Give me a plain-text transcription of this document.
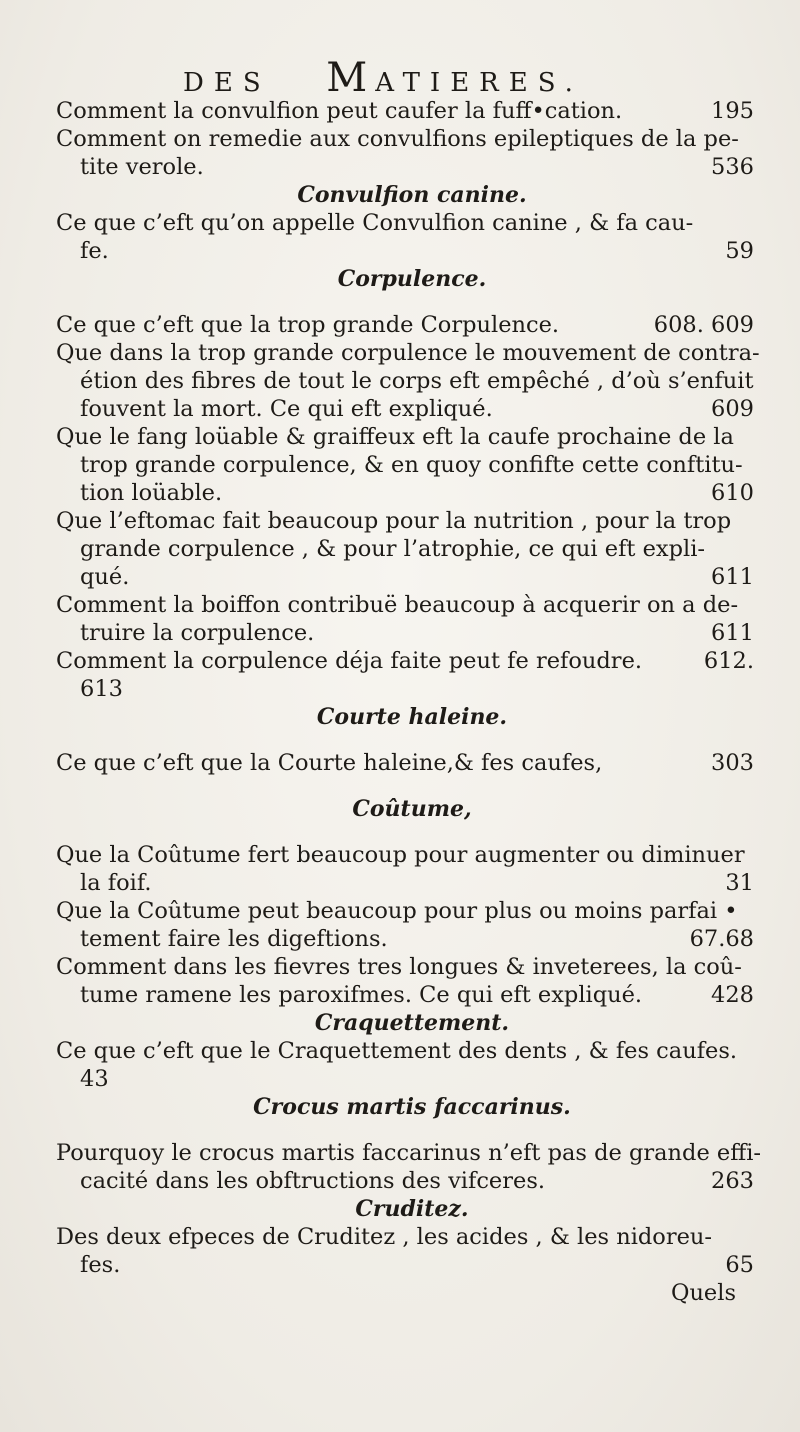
DES MATIERES.
Comment la convulfion peut caufer la fuff•cation.	195
Comment on remedie aux convulfions epileptiques de la pe-
tite verole.	536
Convulfion canine.
Ce que c’eft qu’on appelle Convulfion canine , & fa cau-
fe.	59
Corpulence.
Ce que c’eft que la trop grande Corpulence.	608. 609
Que dans la trop grande corpulence le mouvement de contra-
étion des fibres de tout le corps eft empêché , d’où s’enfuit
fouvent la mort. Ce qui eft expliqué.	609
Que le fang loüable & graiffeux eft la caufe prochaine de la
trop grande corpulence, & en quoy confifte cette conftitu-
tion loüable.	610
Que l’eftomac fait beaucoup pour la nutrition , pour la trop
grande corpulence , & pour l’atrophie, ce qui eft expli-
qué.	611
Comment la boiffon contribuë beaucoup à acquerir on a de-
truire la corpulence.	611
Comment la corpulence déja faite peut fe refoudre.	612.
613
Courte haleine.
Ce que c’eft que la Courte haleine,& fes caufes,	303
Coûtume,
Que la Coûtume fert beaucoup pour augmenter ou diminuer
la foif.	31
Que la Coûtume peut beaucoup pour plus ou moins parfai •
tement faire les digeftions.	67.68
Comment dans les fievres tres longues & inveterees, la coû-
tume ramene les paroxifmes. Ce qui eft expliqué.	428
Craquettement.
Ce que c’eft que le Craquettement des dents , & fes caufes.
43
Crocus martis faccarinus.
Pourquoy le crocus martis faccarinus n’eft pas de grande effi-
cacité dans les obftructions des vifceres.	263
Cruditez.
Des deux efpeces de Cruditez , les acides , & les nidoreu-
fes.	65
Quels
